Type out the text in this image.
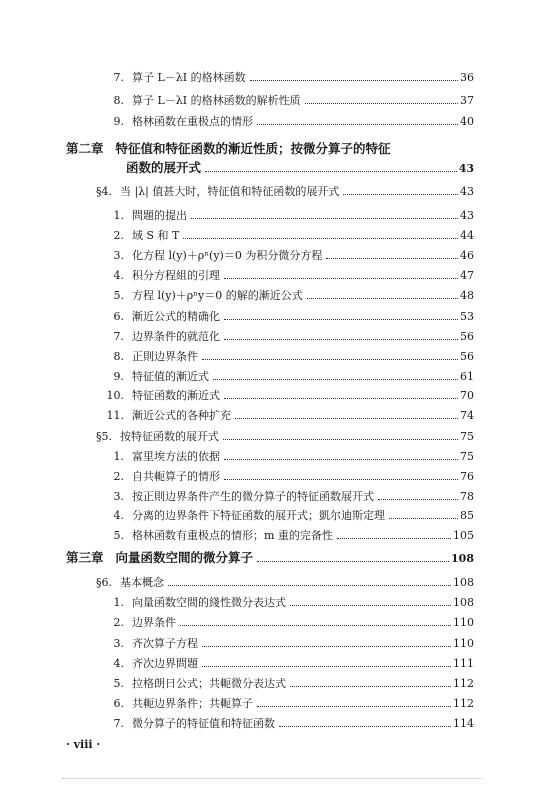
7. 算子 L－λI 的格林函数	36
8. 算子 L－λI 的格林函数的解析性质	37
9. 格林函数在重极点的情形	40
第二章 特征值和特征函数的漸近性质；按微分算子的特征
函数的展开式	43
§4. 当 |λ| 值甚大时，特征值和特征函数的展开式	43
1. 問題的提出	43
2. 域 S 和 T	44
3. 化方程 l(y)＋ρⁿ(y)＝0 为积分微分方程	46
4. 积分方程組的引理	47
5. 方程 l(y)＋ρⁿy＝0 的解的漸近公式	48
6. 漸近公式的精确化	53
7. 边界条件的就范化	56
8. 正則边界条件	56
9. 特征值的漸近式	61
10. 特征函数的漸近式	70
11. 漸近公式的各种扩充	74
§5. 按特征函数的展开式	75
1. 富里埃方法的依据	75
2. 自共軛算子的情形	76
3. 按正則边界条件产生的微分算子的特征函数展开式	78
4. 分离的边界条件下特征函数的展开式；凱尔迪斯定理	85
5. 格林函数有重极点的情形；m 重的完备性	105
第三章 向量函数空間的微分算子	108
§6. 基本概念	108
1. 向量函数空間的綫性微分表达式	108
2. 边界条件	110
3. 齐次算子方程	110
4. 齐次边界問題	111
5. 拉格朗日公式；共軛微分表达式	112
6. 共軛边界条件；共軛算子	112
7. 微分算子的特征值和特征函数	114
· viii ·
